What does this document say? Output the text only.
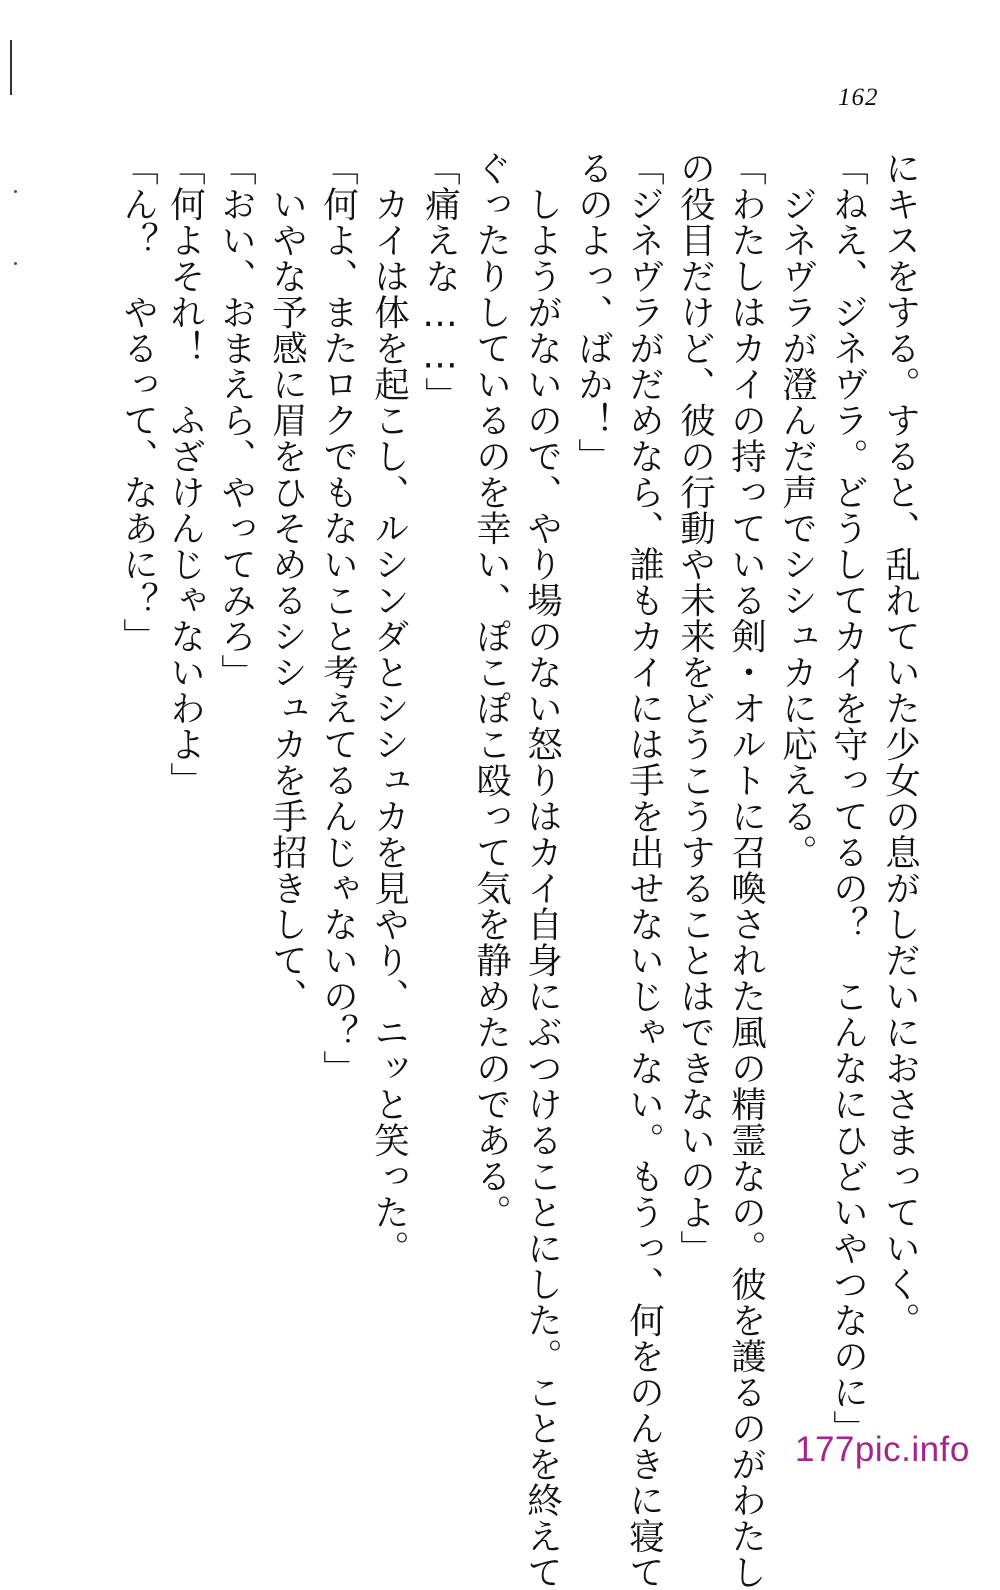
162
にキスをする。すると、乱れていた少女の息がしだいにおさまっていく。
「ねえ、ジネヴラ。どうしてカイを守ってるの？　こんなにひどいやつなのに」
　ジネヴラが澄んだ声でシシュカに応える。
「わたしはカイの持っている剣・オルトに召喚された風の精霊なの。彼を護るのがわたし
の役目だけど、彼の行動や未来をどうこうすることはできないのよ」
「ジネヴラがだめなら、誰もカイには手を出せないじゃない。もうっ、何をのんきに寝て
るのよっ、ばか！」
　しようがないので、やり場のない怒りはカイ自身にぶつけることにした。ことを終えて
ぐったりしているのを幸い、ぽこぽこ殴って気を静めたのである。
「痛えな……」
　カイは体を起こし、ルシンダとシシュカを見やり、ニッと笑った。
「何よ、またロクでもないこと考えてるんじゃないの？」
　いやな予感に眉をひそめるシシュカを手招きして、
「おい、おまえら、やってみろ」
「何よそれ！　ふざけんじゃないわよ」
「ん？　やるって、なあに？」
177pic.info
